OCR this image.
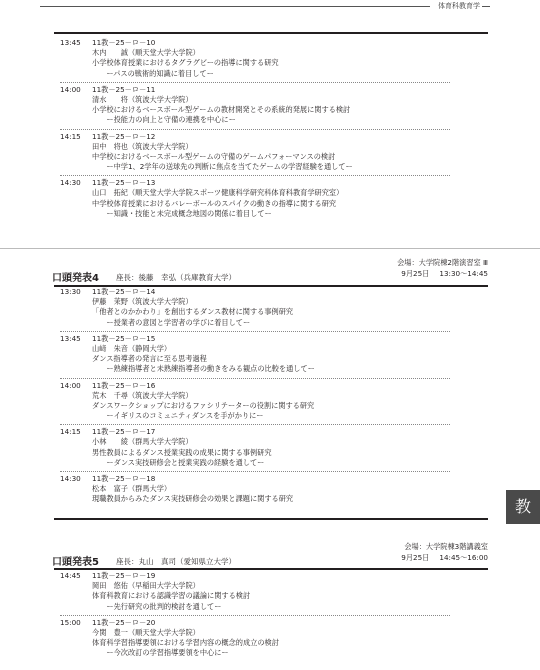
体育科教育学
13:45	11教－25－ロ－10
木内　　誠（順天堂大学大学院）
小学校体育授業におけるタグラグビーの指導に関する研究
　　ーパスの戦術的知識に着目してー
14:00	11教－25－ロ－11
清水　　将（筑波大学大学院）
小学校におけるベースボール型ゲームの教材開発とその系統的発展に関する検討
　　ー投能力の向上と守備の連携を中心にー
14:15	11教－25－ロ－12
田中　将也（筑波大学大学院）
中学校におけるベースボール型ゲームの守備のゲームパフォーマンスの検討
　　ー中学1、2学年の送球先の判断に焦点を当てたゲームの学習経験を通してー
14:30	11教－25－ロ－13
山口　拓紀（順天堂大学大学院スポーツ健康科学研究科体育科教育学研究室）
中学校体育授業におけるバレーボールのスパイクの動きの指導に関する研究
　　ー知識・技能と未完成概念地図の関係に着目してー
口頭発表4 座長：後藤　幸弘（兵庫教育大学）
会場：大学院棟2階演習室 Ⅲ
9月25日 13:30〜14:45
13:30	11教－25－ロ－14
伊藤　茉野（筑波大学大学院）
「他者とのかかわり」を創出するダンス教材に関する事例研究
　　ー授業者の意図と学習者の学びに着目してー
13:45	11教－25－ロ－15
山﨑　朱音（静岡大学）
ダンス指導者の発言に至る思考過程
　　ー熟練指導者と未熟練指導者の動きをみる観点の比較を通してー
14:00	11教－25－ロ－16
荒木　千尋（筑波大学大学院）
ダンスワークショップにおけるファシリテーターの役割に関する研究
　　ーイギリスのコミュニティダンスを手がかりにー
14:15	11教－25－ロ－17
小林　　綾（群馬大学大学院）
男性教員によるダンス授業実践の成果に関する事例研究
　　ーダンス実技研修会と授業実践の経験を通してー
14:30	11教－25－ロ－18
松本　富子（群馬大学）
現職教員からみたダンス実技研修会の効果と課題に関する研究
口頭発表5 座長：丸山　真司（愛知県立大学）
会場：大学院棟3階講義室
9月25日 14:45〜16:00
14:45	11教－25－ロ－19
岡田　悠佑（早稲田大学大学院）
体育科教育における認識学習の議論に関する検討
　　ー先行研究の批判的検討を通してー
15:00	11教－25－ロ－20
今関　豊一（順天堂大学大学院）
体育科学習指導要領における学習内容の概念的成立の検討
　　ー今次改訂の学習指導要領を中心にー
教
